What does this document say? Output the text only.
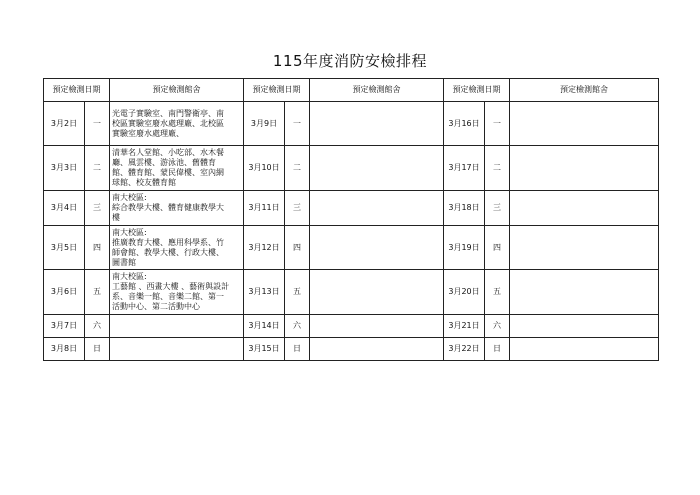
115年度消防安檢排程
預定檢測日期		預定檢測館舍	預定檢測日期		預定檢測館舍	預定檢測日期		預定檢測館舍
3月2日	一	光電子實驗室、南門警衛亭、南
校區實驗室廢水處理廠、北校區
實驗室廢水處理廠、	3月9日	一		3月16日	一	
3月3日	二	清華名人堂館、小吃部、水木餐
廳、風雲樓、游泳池、舊體育
館、體育館、蒙民偉樓、室內網
球館、校友體育館	3月10日	二		3月17日	二	
3月4日	三	南大校區:
綜合教學大樓、體育健康教學大
樓	3月11日	三		3月18日	三	
3月5日	四	南大校區:
推廣教育大樓、應用科學系、竹
師會館、教學大樓、行政大樓、
圖書館	3月12日	四		3月19日	四	
3月6日	五	南大校區:
工藝館 、西畫大樓 、藝術與設計
系、音樂一館、音樂二館、第一
活動中心、第二活動中心	3月13日	五		3月20日	五	
3月7日	六		3月14日	六		3月21日	六	
3月8日	日		3月15日	日		3月22日	日	
